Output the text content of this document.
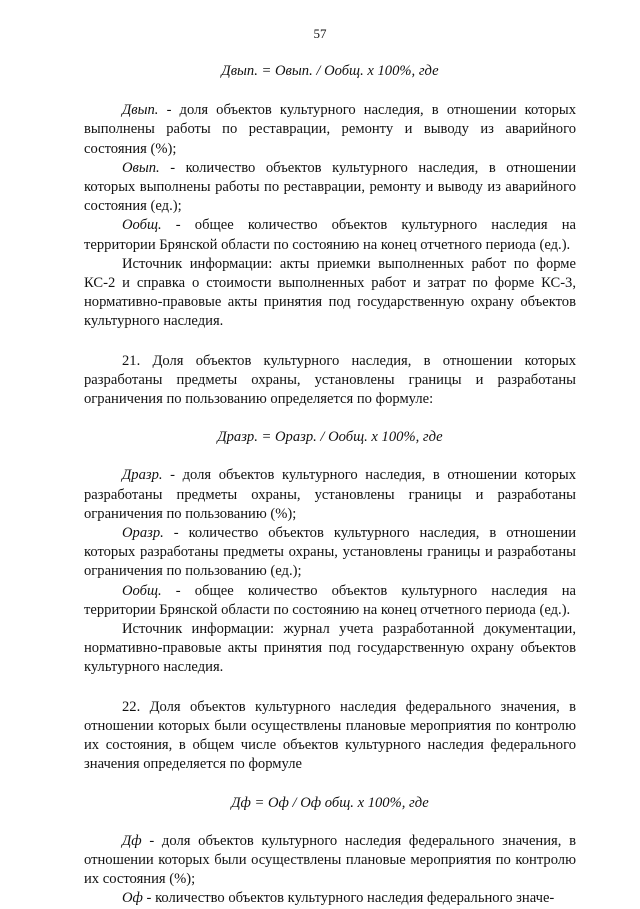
57

Двып. = Овып. / Ообщ. х 100%, где

Двып. - доля объектов культурного наследия, в отношении которых выполнены работы по реставрации, ремонту и выводу из аварийного состояния (%);

Овып. - количество объектов культурного наследия, в отношении которых выполнены работы по реставрации, ремонту и выводу из аварийного состояния (ед.);

Ообщ. - общее количество объектов культурного наследия на территории Брянской области по состоянию на конец отчетного периода (ед.).

Источник информации: акты приемки выполненных работ по форме КС-2 и справка о стоимости выполненных работ и затрат по форме КС-3, нормативно-правовые акты принятия под государственную охрану объектов культурного наследия.

21. Доля объектов культурного наследия, в отношении которых разработаны предметы охраны, установлены границы и разработаны ограничения по пользованию определяется по формуле:

Дразр. = Оразр. / Ообщ. х 100%, где

Дразр. - доля объектов культурного наследия, в отношении которых разработаны предметы охраны, установлены границы и разработаны ограничения по пользованию (%);

Оразр. - количество объектов культурного наследия, в отношении которых разработаны предметы охраны, установлены границы и разработаны ограничения по пользованию (ед.);

Ообщ. - общее количество объектов культурного наследия на территории Брянской области по состоянию на конец отчетного периода (ед.).

Источник информации: журнал учета разработанной документации, нормативно-правовые акты принятия под государственную охрану объектов культурного наследия.

22. Доля объектов культурного наследия федерального значения, в отношении которых были осуществлены плановые мероприятия по контролю их состояния, в общем числе объектов культурного наследия федерального значения определяется по формуле

Дф = Оф / Оф общ. х 100%, где

Дф - доля объектов культурного наследия федерального значения, в отношении которых были осуществлены плановые мероприятия по контролю их состояния (%);

Оф - количество объектов культурного наследия федерального значе-
